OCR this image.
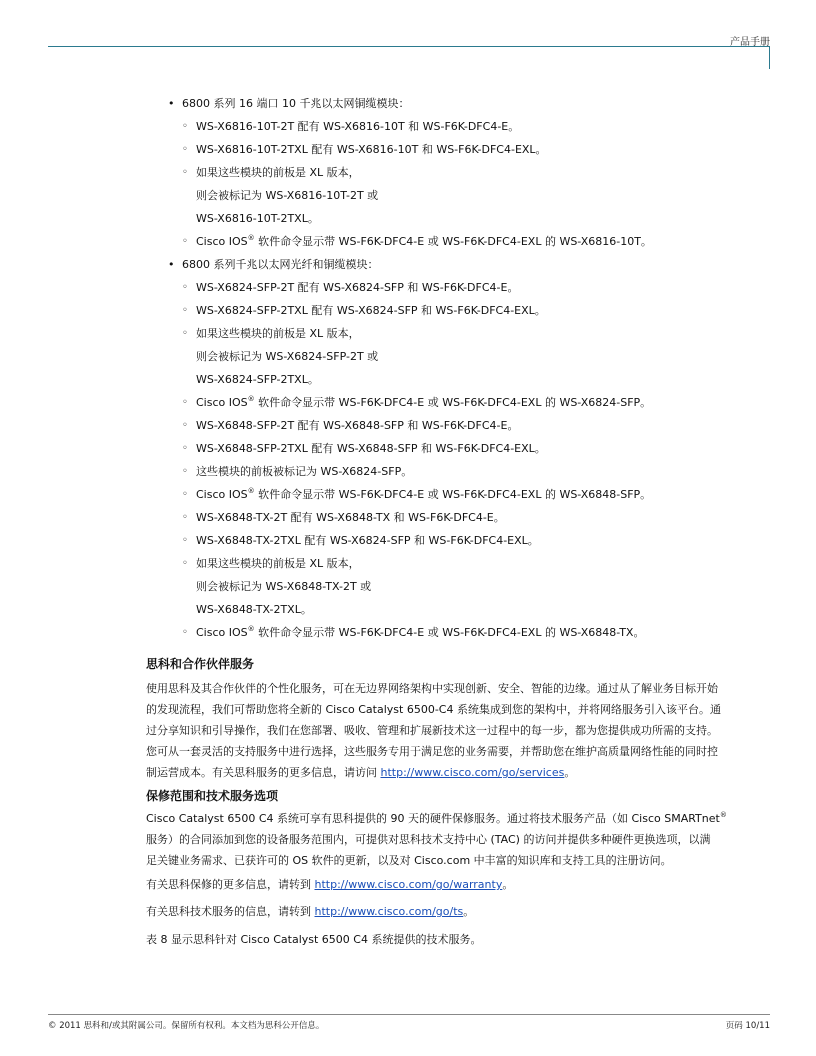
产品手册
• 6800 系列 16 端口 10 千兆以太网铜缆模块：
◦ WS-X6816-10T-2T 配有 WS-X6816-10T 和 WS-F6K-DFC4-E。
◦ WS-X6816-10T-2TXL 配有 WS-X6816-10T 和 WS-F6K-DFC4-EXL。
◦ 如果这些模块的前板是 XL 版本，
则会被标记为 WS-X6816-10T-2T 或
WS-X6816-10T-2TXL。
◦ Cisco IOS® 软件命令显示带 WS-F6K-DFC4-E 或 WS-F6K-DFC4-EXL 的 WS-X6816-10T。
• 6800 系列千兆以太网光纤和铜缆模块：
◦ WS-X6824-SFP-2T 配有 WS-X6824-SFP 和 WS-F6K-DFC4-E。
◦ WS-X6824-SFP-2TXL 配有 WS-X6824-SFP 和 WS-F6K-DFC4-EXL。
◦ 如果这些模块的前板是 XL 版本，
则会被标记为 WS-X6824-SFP-2T 或
WS-X6824-SFP-2TXL。
◦ Cisco IOS® 软件命令显示带 WS-F6K-DFC4-E 或 WS-F6K-DFC4-EXL 的 WS-X6824-SFP。
◦ WS-X6848-SFP-2T 配有 WS-X6848-SFP 和 WS-F6K-DFC4-E。
◦ WS-X6848-SFP-2TXL 配有 WS-X6848-SFP 和 WS-F6K-DFC4-EXL。
◦ 这些模块的前板被标记为 WS-X6824-SFP。
◦ Cisco IOS® 软件命令显示带 WS-F6K-DFC4-E 或 WS-F6K-DFC4-EXL 的 WS-X6848-SFP。
◦ WS-X6848-TX-2T 配有 WS-X6848-TX 和 WS-F6K-DFC4-E。
◦ WS-X6848-TX-2TXL 配有 WS-X6824-SFP 和 WS-F6K-DFC4-EXL。
◦ 如果这些模块的前板是 XL 版本，
则会被标记为 WS-X6848-TX-2T 或
WS-X6848-TX-2TXL。
◦ Cisco IOS® 软件命令显示带 WS-F6K-DFC4-E 或 WS-F6K-DFC4-EXL 的 WS-X6848-TX。
思科和合作伙伴服务
使用思科及其合作伙伴的个性化服务，可在无边界网络架构中实现创新、安全、智能的边缘。通过从了解业务目标开始
的发现流程，我们可帮助您将全新的 Cisco Catalyst 6500-C4 系统集成到您的架构中，并将网络服务引入该平台。通
过分享知识和引导操作，我们在您部署、吸收、管理和扩展新技术这一过程中的每一步，都为您提供成功所需的支持。
您可从一套灵活的支持服务中进行选择，这些服务专用于满足您的业务需要，并帮助您在维护高质量网络性能的同时控
制运营成本。有关思科服务的更多信息，请访问 http://www.cisco.com/go/services。
保修范围和技术服务选项
Cisco Catalyst 6500 C4 系统可享有思科提供的 90 天的硬件保修服务。通过将技术服务产品（如 Cisco SMARTnet®
服务）的合同添加到您的设备服务范围内，可提供对思科技术支持中心 (TAC) 的访问并提供多种硬件更换选项，以满
足关键业务需求、已获许可的 OS 软件的更新，以及对 Cisco.com 中丰富的知识库和支持工具的注册访问。
有关思科保修的更多信息，请转到 http://www.cisco.com/go/warranty。
有关思科技术服务的信息，请转到 http://www.cisco.com/go/ts。
表 8 显示思科针对 Cisco Catalyst 6500 C4 系统提供的技术服务。
© 2011 思科和/或其附属公司。保留所有权利。本文档为思科公开信息。	页码 10/11
